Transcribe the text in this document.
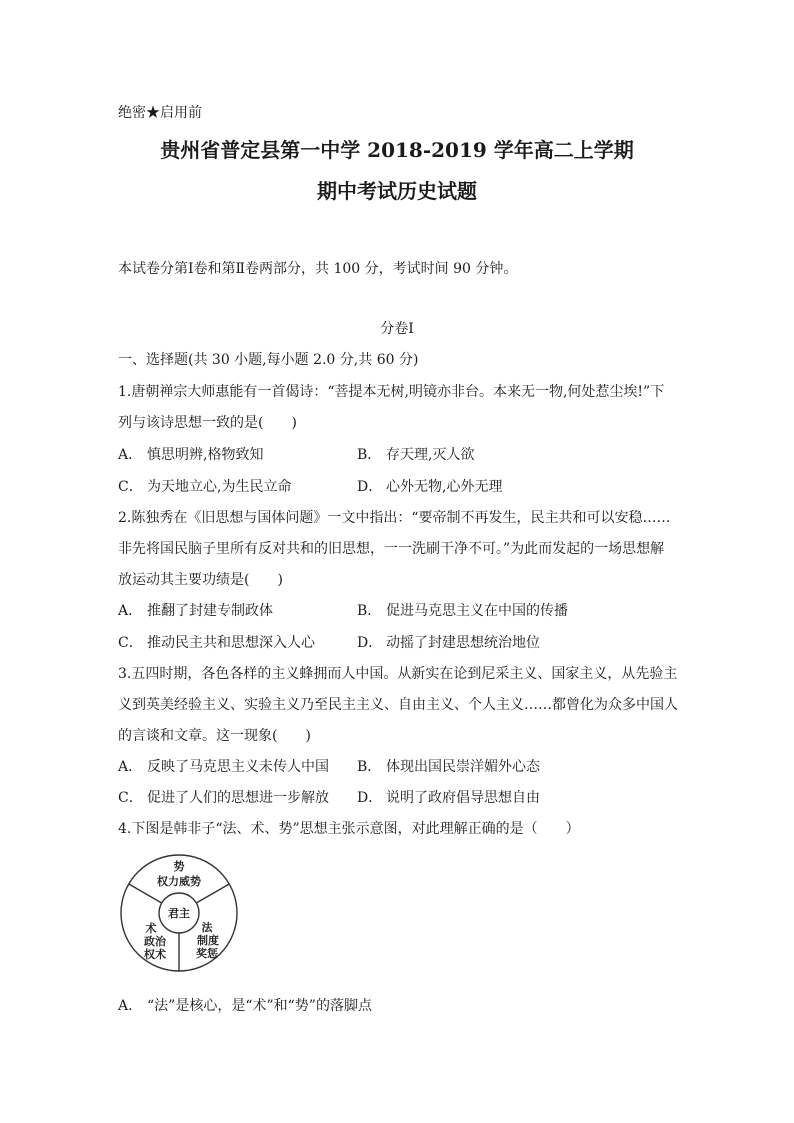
绝密★启用前
贵州省普定县第一中学 2018-2019 学年高二上学期
期中考试历史试题
本试卷分第Ⅰ卷和第Ⅱ卷两部分，共 100 分，考试时间 90 分钟。
分卷I
一、选择题(共 30 小题,每小题 2.0 分,共 60 分)
1.唐朝禅宗大师惠能有一首偈诗：“菩提本无树,明镜亦非台。本来无一物,何处惹尘埃!”下
列与该诗思想一致的是(　　)
A． 慎思明辨,格物致知	B． 存天理,灭人欲
C． 为天地立心,为生民立命	D． 心外无物,心外无理
2.陈独秀在《旧思想与国体问题》一文中指出：“要帝制不再发生，民主共和可以安稳……
非先将国民脑子里所有反对共和的旧思想，一一洗刷干净不可。”为此而发起的一场思想解
放运动其主要功绩是(　　)
A． 推翻了封建专制政体	B． 促进马克思主义在中国的传播
C． 推动民主共和思想深入人心	D． 动摇了封建思想统治地位
3.五四时期，各色各样的主义蜂拥而人中国。从新实在论到尼采主义、国家主义，从先验主
义到英美经验主义、实验主义乃至民主主义、自由主义、个人主义……都曾化为众多中国人
的言谈和文章。这一现象(　　)
A． 反映了马克思主义未传人中国 B． 体现出国民崇洋媚外心态
C． 促进了人们的思想进一步解放 D． 说明了政府倡导思想自由
4.下图是韩非子“法、术、势”思想主张示意图，对此理解正确的是（　　）
君主
势
权力威势
术
政治
权术
法
制度
奖惩
A． “法”是核心，是“术”和“势”的落脚点
